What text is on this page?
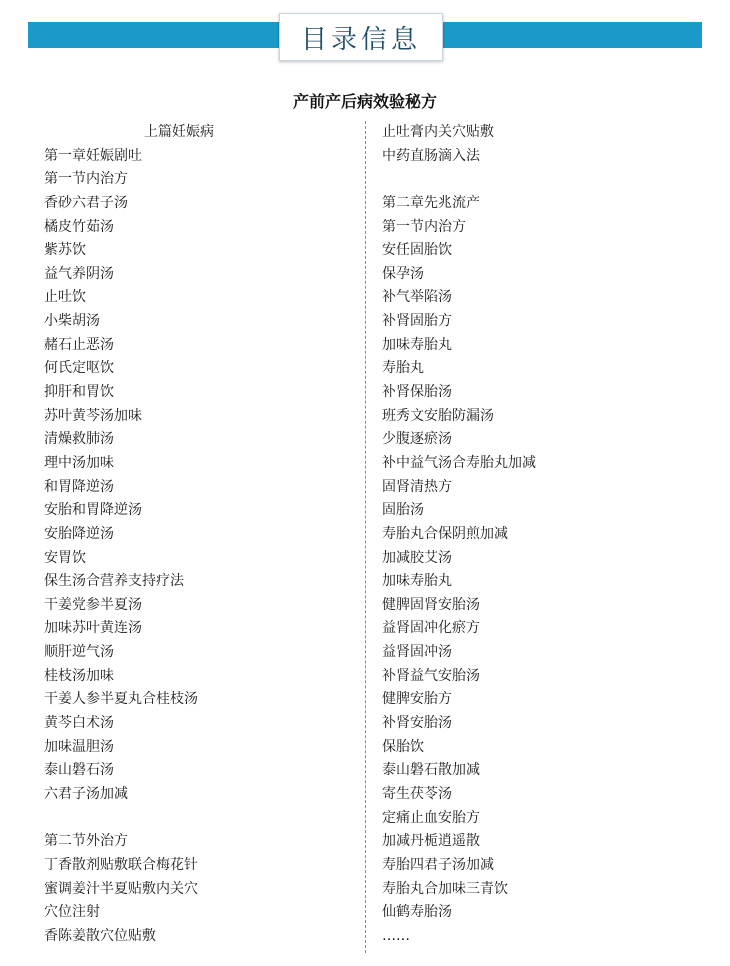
目录信息
产前产后病效验秘方
上篇妊娠病
第一章妊娠剧吐
第一节内治方
香砂六君子汤
橘皮竹茹汤
紫苏饮
益气养阴汤
止吐饮
小柴胡汤
赭石止恶汤
何氏定呕饮
抑肝和胃饮
苏叶黄芩汤加味
清燥救肺汤
理中汤加味
和胃降逆汤
安胎和胃降逆汤
安胎降逆汤
安胃饮
保生汤合营养支持疗法
干姜党参半夏汤
加味苏叶黄连汤
顺肝逆气汤
桂枝汤加味
干姜人参半夏丸合桂枝汤
黄芩白术汤
加味温胆汤
泰山磐石汤
六君子汤加减
第二节外治方
丁香散剂贴敷联合梅花针
蜜调姜汁半夏贴敷内关穴
穴位注射
香陈姜散穴位贴敷
止吐膏内关穴贴敷
中药直肠滴入法
第二章先兆流产
第一节内治方
安任固胎饮
保孕汤
补气举陷汤
补肾固胎方
加味寿胎丸
寿胎丸
补肾保胎汤
班秀文安胎防漏汤
少腹逐瘀汤
补中益气汤合寿胎丸加减
固肾清热方
固胎汤
寿胎丸合保阴煎加减
加减胶艾汤
加味寿胎丸
健脾固肾安胎汤
益肾固冲化瘀方
益肾固冲汤
补肾益气安胎汤
健脾安胎方
补肾安胎汤
保胎饮
泰山磐石散加减
寄生茯苓汤
定痛止血安胎方
加减丹栀逍遥散
寿胎四君子汤加减
寿胎丸合加味三青饮
仙鹤寿胎汤
……
